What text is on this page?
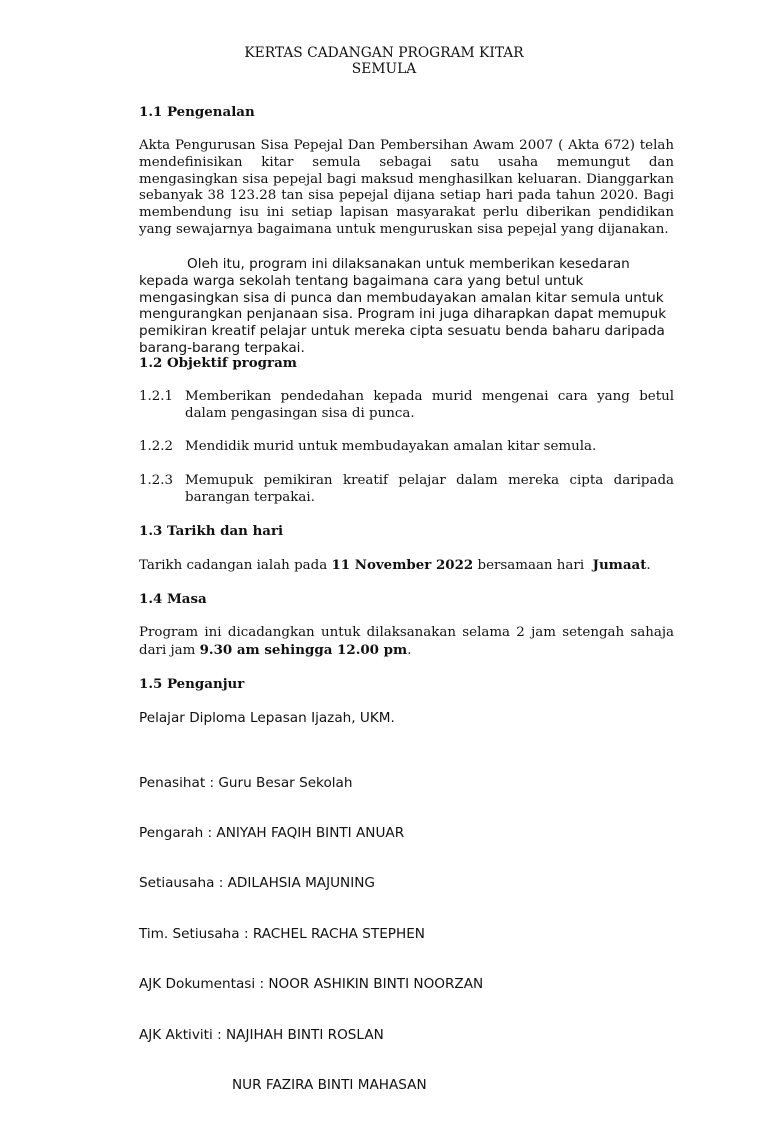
KERTAS CADANGAN PROGRAM KITAR
SEMULA

1.1 Pengenalan

Akta Pengurusan Sisa Pepejal Dan Pembersihan Awam 2007 ( Akta 672) telah mendefinisikan kitar semula sebagai satu usaha memungut dan mengasingkan sisa pepejal bagi maksud menghasilkan keluaran. Dianggarkan sebanyak 38 123.28 tan sisa pepejal dijana setiap hari pada tahun 2020. Bagi membendung isu ini setiap lapisan masyarakat perlu diberikan pendidikan yang sewajarnya bagaimana untuk menguruskan sisa pepejal yang dijanakan.

Oleh itu, program ini dilaksanakan untuk memberikan kesedaran kepada warga sekolah tentang bagaimana cara yang betul untuk mengasingkan sisa di punca dan membudayakan amalan kitar semula untuk mengurangkan penjanaan sisa. Program ini juga diharapkan dapat memupuk pemikiran kreatif pelajar untuk mereka cipta sesuatu benda baharu daripada barang-barang terpakai.

1.2 Objektif program

1.2.1 Memberikan pendedahan kepada murid mengenai cara yang betul dalam pengasingan sisa di punca.
1.2.2 Mendidik murid untuk membudayakan amalan kitar semula.
1.2.3 Memupuk pemikiran kreatif pelajar dalam mereka cipta daripada barangan terpakai.

1.3 Tarikh dan hari

Tarikh cadangan ialah pada 11 November 2022 bersamaan hari  Jumaat.

1.4 Masa

Program ini dicadangkan untuk dilaksanakan selama 2 jam setengah sahaja dari jam 9.30 am sehingga 12.00 pm.

1.5 Penganjur

Pelajar Diploma Lepasan Ijazah, UKM.

Penasihat : Guru Besar Sekolah

Pengarah : ANIYAH FAQIH BINTI ANUAR

Setiausaha : ADILAHSIA MAJUNING

Tim. Setiusaha : RACHEL RACHA STEPHEN

AJK Dokumentasi : NOOR ASHIKIN BINTI NOORZAN

AJK Aktiviti : NAJIHAH BINTI ROSLAN

NUR FAZIRA BINTI MAHASAN
